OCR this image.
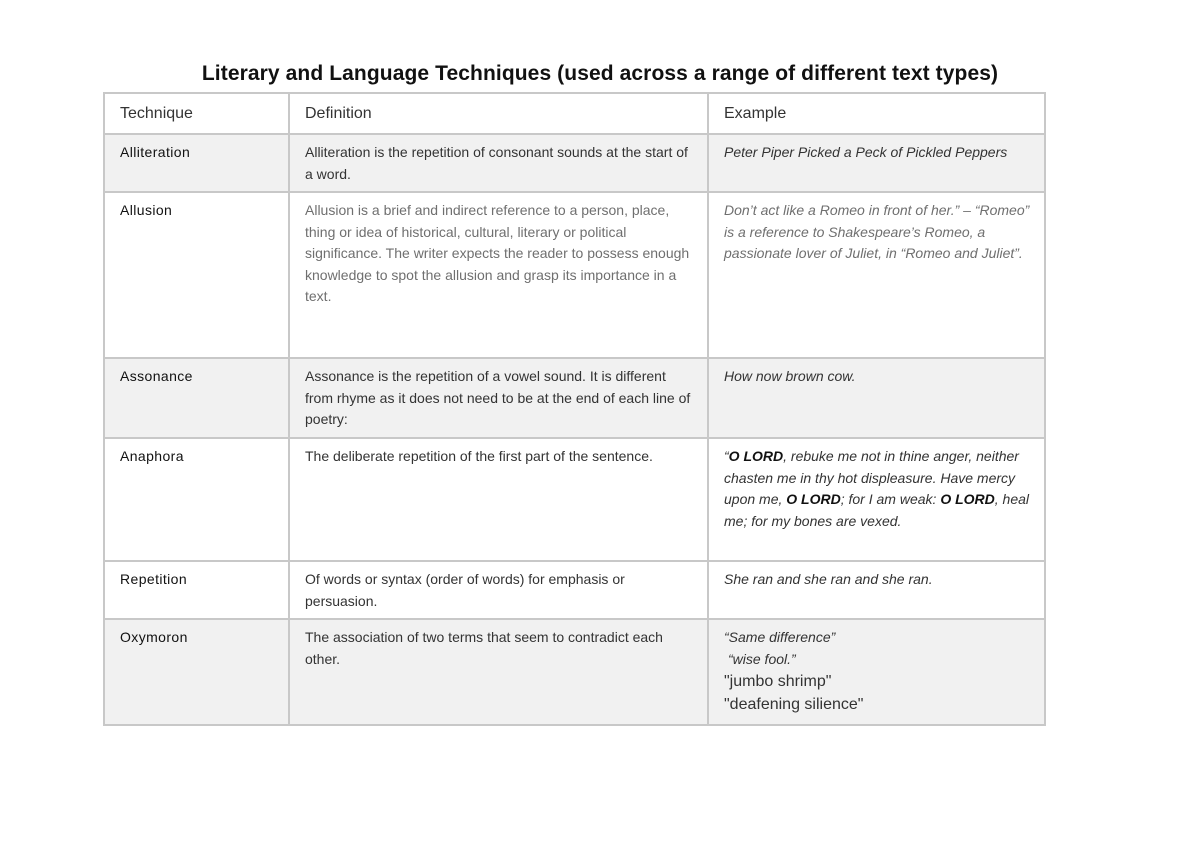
Literary and Language Techniques (used across a range of different text types)
Technique	Definition	Example
Alliteration	Alliteration is the repetition of consonant sounds at the start of a word.	Peter Piper Picked a Peck of Pickled Peppers
Allusion	Allusion is a brief and indirect reference to a person, place, thing or idea of historical, cultural, literary or political significance. The writer expects the reader to possess enough knowledge to spot the allusion and grasp its importance in a text.	Don’t act like a Romeo in front of her.” – “Romeo” is a reference to Shakespeare’s Romeo, a passionate lover of Juliet, in “Romeo and Juliet”.
Assonance	Assonance is the repetition of a vowel sound. It is different from rhyme as it does not need to be at the end of each line of poetry:	How now brown cow.
Anaphora	The deliberate repetition of the first part of the sentence.	“O LORD, rebuke me not in thine anger, neither chasten me in thy hot displeasure. Have mercy upon me, O LORD; for I am weak: O LORD, heal me; for my bones are vexed.
Repetition	Of words or syntax (order of words) for emphasis or persuasion.	She ran and she ran and she ran.
Oxymoron	The association of two terms that seem to contradict each other.	“Same difference”
“wise fool.”
"jumbo shrimp"
"deafening silience"
